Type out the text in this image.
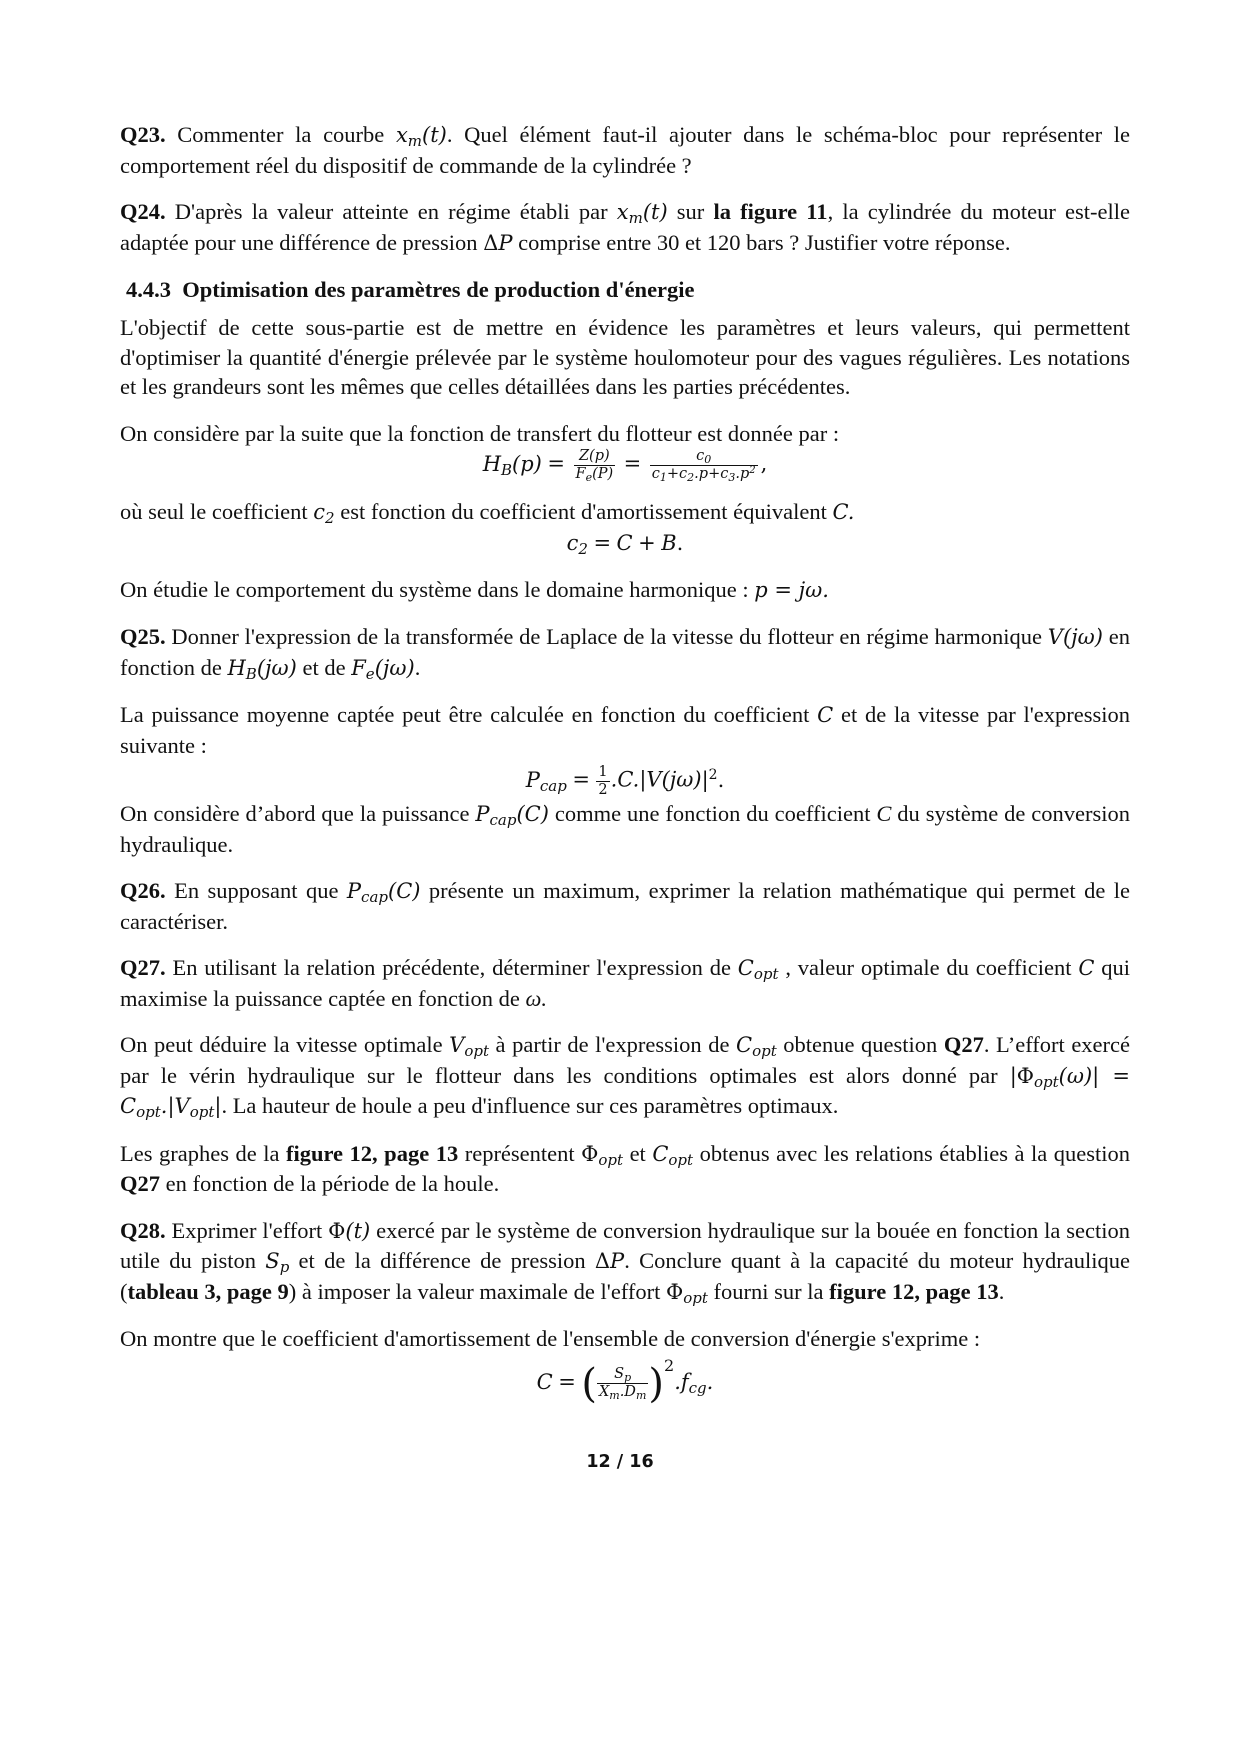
Q23. Commenter la courbe $x_m(t)$. Quel élément faut-il ajouter dans le schéma-bloc pour représenter le comportement réel du dispositif de commande de la cylindrée ?

Q24. D'après la valeur atteinte en régime établi par $x_m(t)$ sur la figure 11, la cylindrée du moteur est-elle adaptée pour une différence de pression ΔP comprise entre 30 et 120 bars ? Justifier votre réponse.

4.4.3 Optimisation des paramètres de production d'énergie

L'objectif de cette sous-partie est de mettre en évidence les paramètres et leurs valeurs, qui permettent d'optimiser la quantité d'énergie prélevée par le système houlomoteur pour des vagues régulières. Les notations et les grandeurs sont les mêmes que celles détaillées dans les parties précédentes.

On considère par la suite que la fonction de transfert du flotteur est donnée par :

$H_B(p) = \frac{Z(p)}{F_e(P)} = \frac{c_0}{c_1+c_2.p+c_3.p^2}$ ,

où seul le coefficient $c_2$ est fonction du coefficient d'amortissement équivalent C.

$c_2 = C + B$.

On étudie le comportement du système dans le domaine harmonique : p = jω.

Q25. Donner l'expression de la transformée de Laplace de la vitesse du flotteur en régime harmonique V(jω) en fonction de $H_B(j\omega)$ et de $F_e(j\omega)$.

La puissance moyenne captée peut être calculée en fonction du coefficient C et de la vitesse par l'expression suivante :

$P_{cap} = \frac{1}{2} .C.|V(j\omega)|^2$.

On considère d’abord que la puissance $P_{cap}(C)$ comme une fonction du coefficient C du système de conversion hydraulique.

Q26. En supposant que $P_{cap}(C)$ présente un maximum, exprimer la relation mathématique qui permet de le caractériser.

Q27. En utilisant la relation précédente, déterminer l'expression de $C_{opt}$ , valeur optimale du coefficient C qui maximise la puissance captée en fonction de ω.

On peut déduire la vitesse optimale $V_{opt}$ à partir de l'expression de $C_{opt}$ obtenue question Q27. L’effort exercé par le vérin hydraulique sur le flotteur dans les conditions optimales est alors donné par $|\Phi_{opt}(\omega)| = C_{opt}.|V_{opt}|$. La hauteur de houle a peu d'influence sur ces paramètres optimaux.

Les graphes de la figure 12, page 13 représentent $\Phi_{opt}$ et $C_{opt}$ obtenus avec les relations établies à la question Q27 en fonction de la période de la houle.

Q28. Exprimer l'effort Φ(t) exercé par le système de conversion hydraulique sur la bouée en fonction la section utile du piston $S_p$ et de la différence de pression ΔP. Conclure quant à la capacité du moteur hydraulique (tableau 3, page 9) à imposer la valeur maximale de l'effort $\Phi_{opt}$ fourni sur la figure 12, page 13.

On montre que le coefficient d'amortissement de l'ensemble de conversion d'énergie s'exprime :

C = ( $\frac{S_p}{X_m.D_m} )^2.f_{cg}$.
12 / 16
